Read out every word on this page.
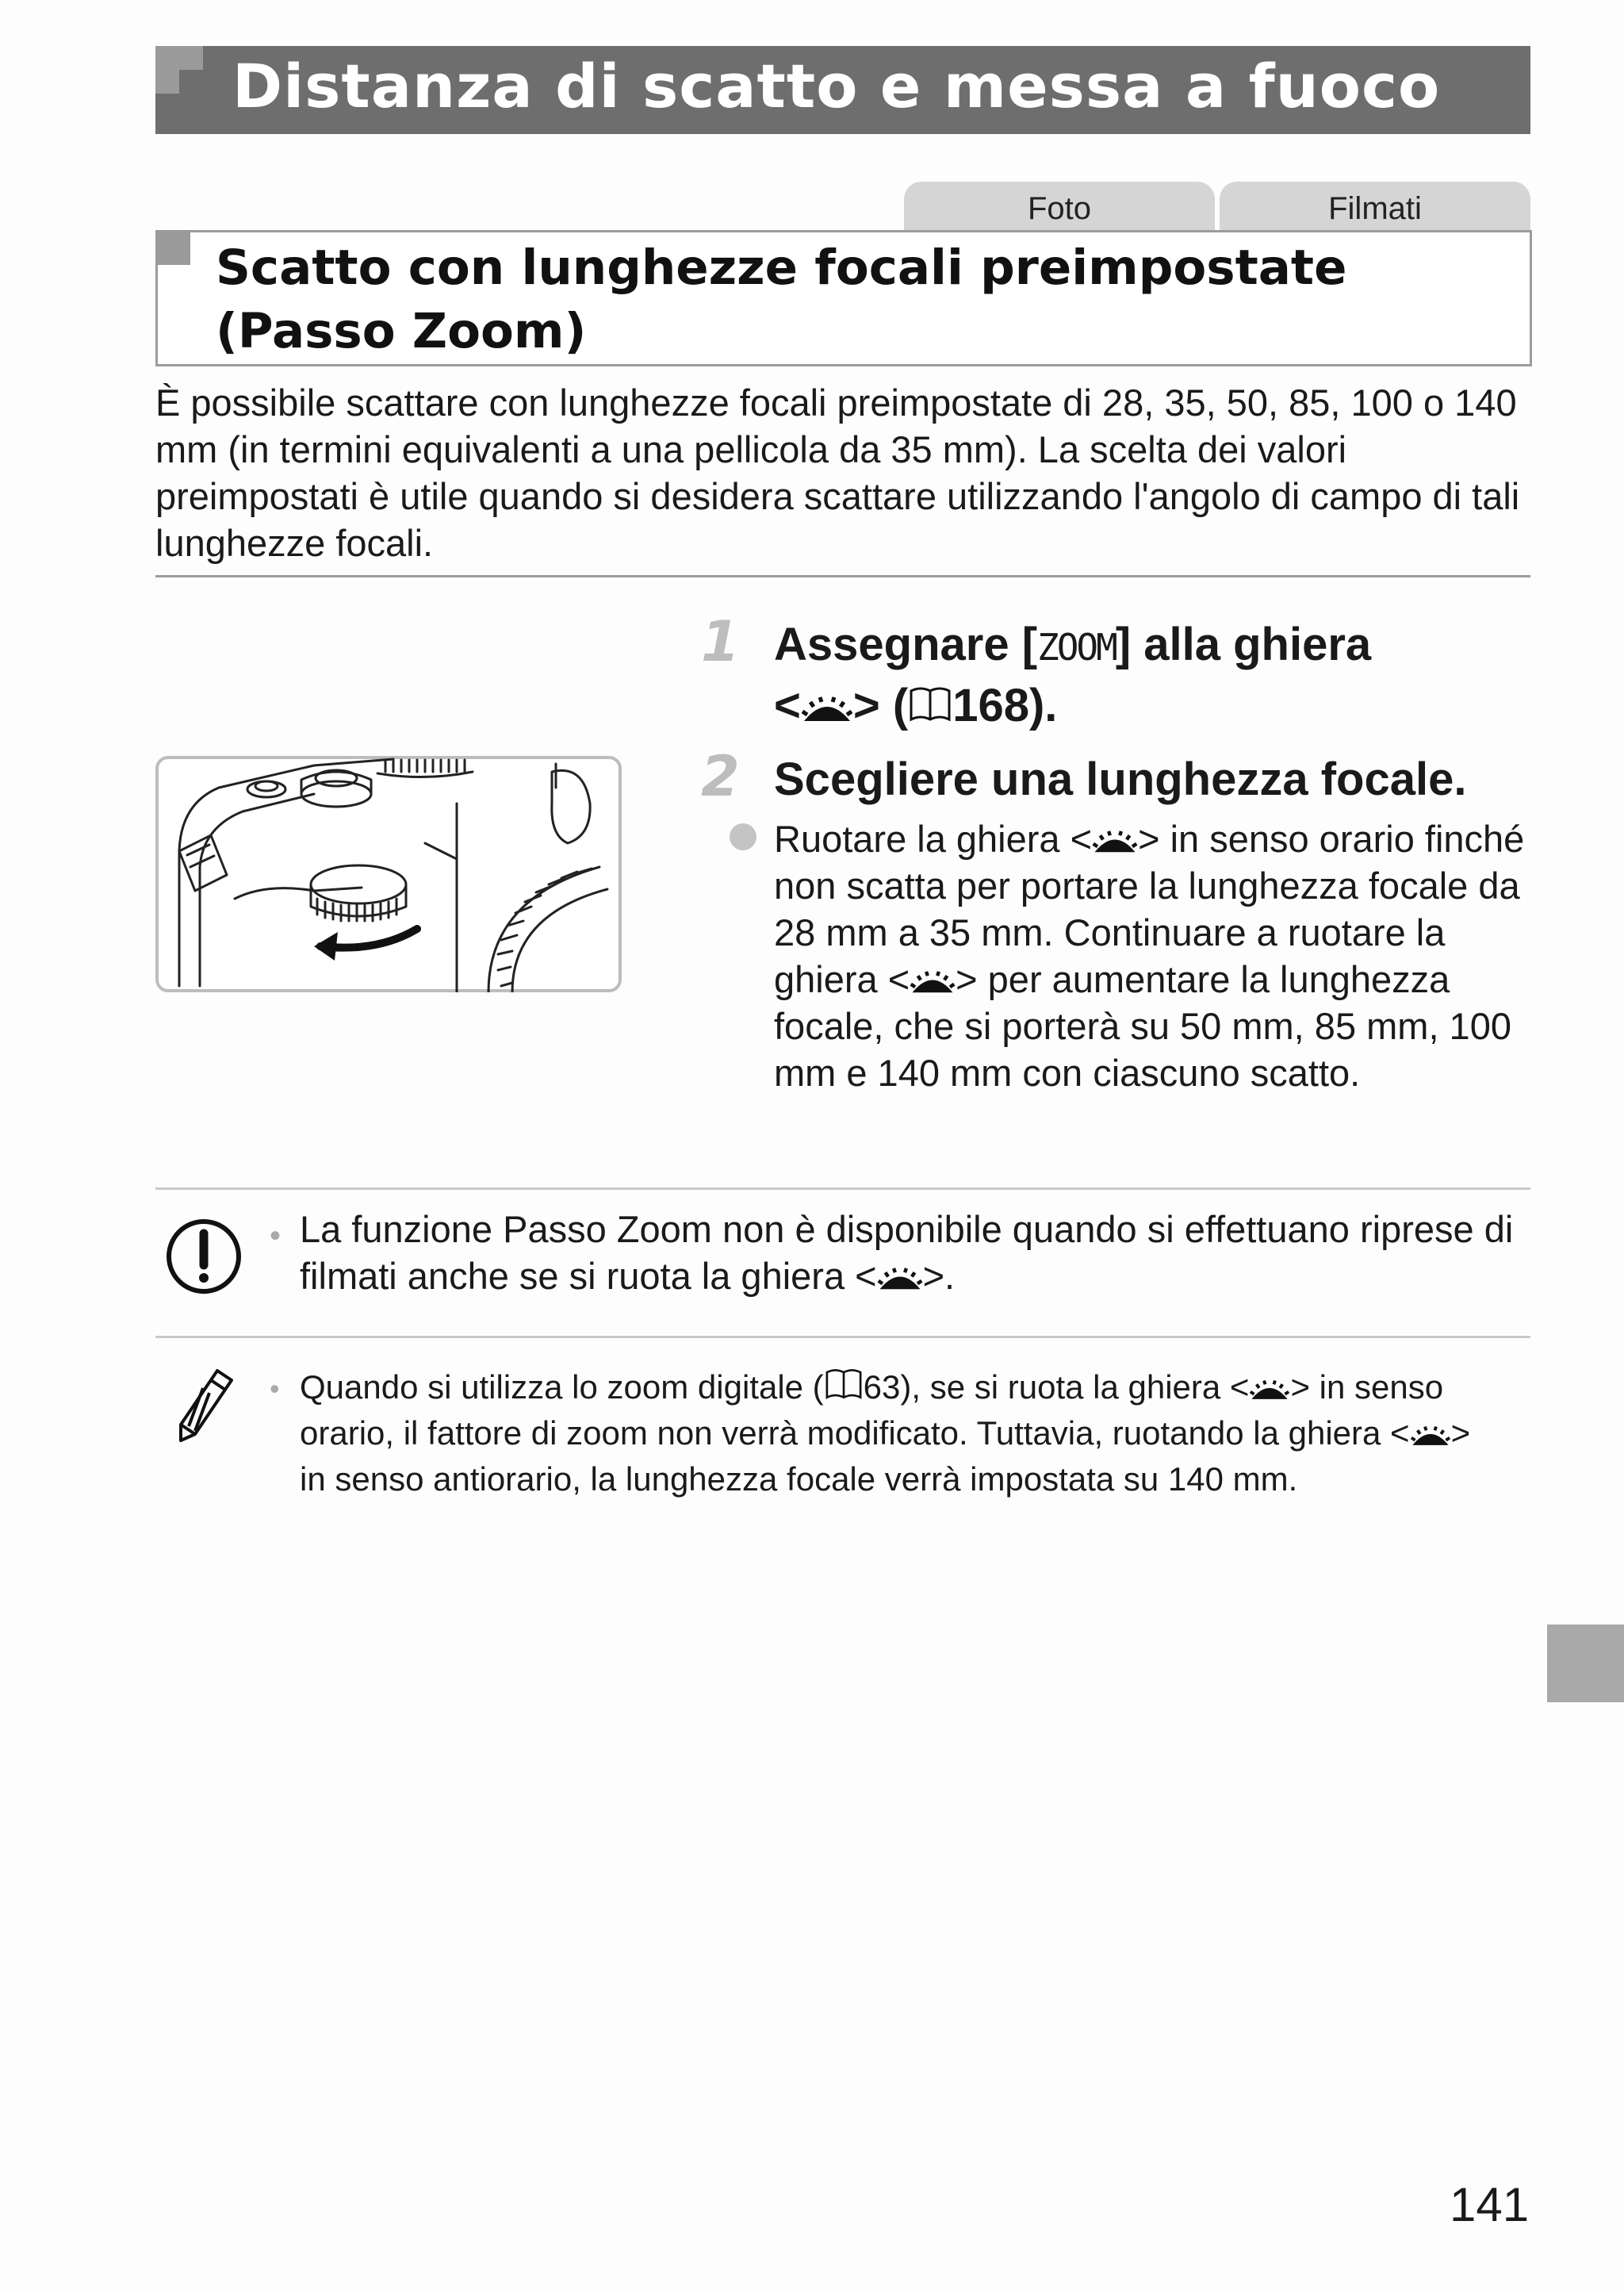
Distanza di scatto e messa a fuoco
Foto	Filmati
Scatto con lunghezze focali preimpostate (Passo Zoom)
È possibile scattare con lunghezze focali preimpostate di 28, 35, 50, 85, 100 o 140 mm (in termini equivalenti a una pellicola da 35 mm). La scelta dei valori preimpostati è utile quando si desidera scattare utilizzando l'angolo di campo di tali lunghezze focali.
1 Assegnare [ZOOM] alla ghiera
< > ( 168).
2 Scegliere una lunghezza focale.
Ruotare la ghiera < > in senso orario finché non scatta per portare la lunghezza focale da 28 mm a 35 mm. Continuare a ruotare la ghiera < > per aumentare la lunghezza focale, che si porterà su 50 mm, 85 mm, 100 mm e 140 mm con ciascuno scatto.
• La funzione Passo Zoom non è disponibile quando si effettuano riprese di filmati anche se si ruota la ghiera < >.
• Quando si utilizza lo zoom digitale ( 63), se si ruota la ghiera < > in senso orario, il fattore di zoom non verrà modificato. Tuttavia, ruotando la ghiera < > in senso antiorario, la lunghezza focale verrà impostata su 140 mm.
141
